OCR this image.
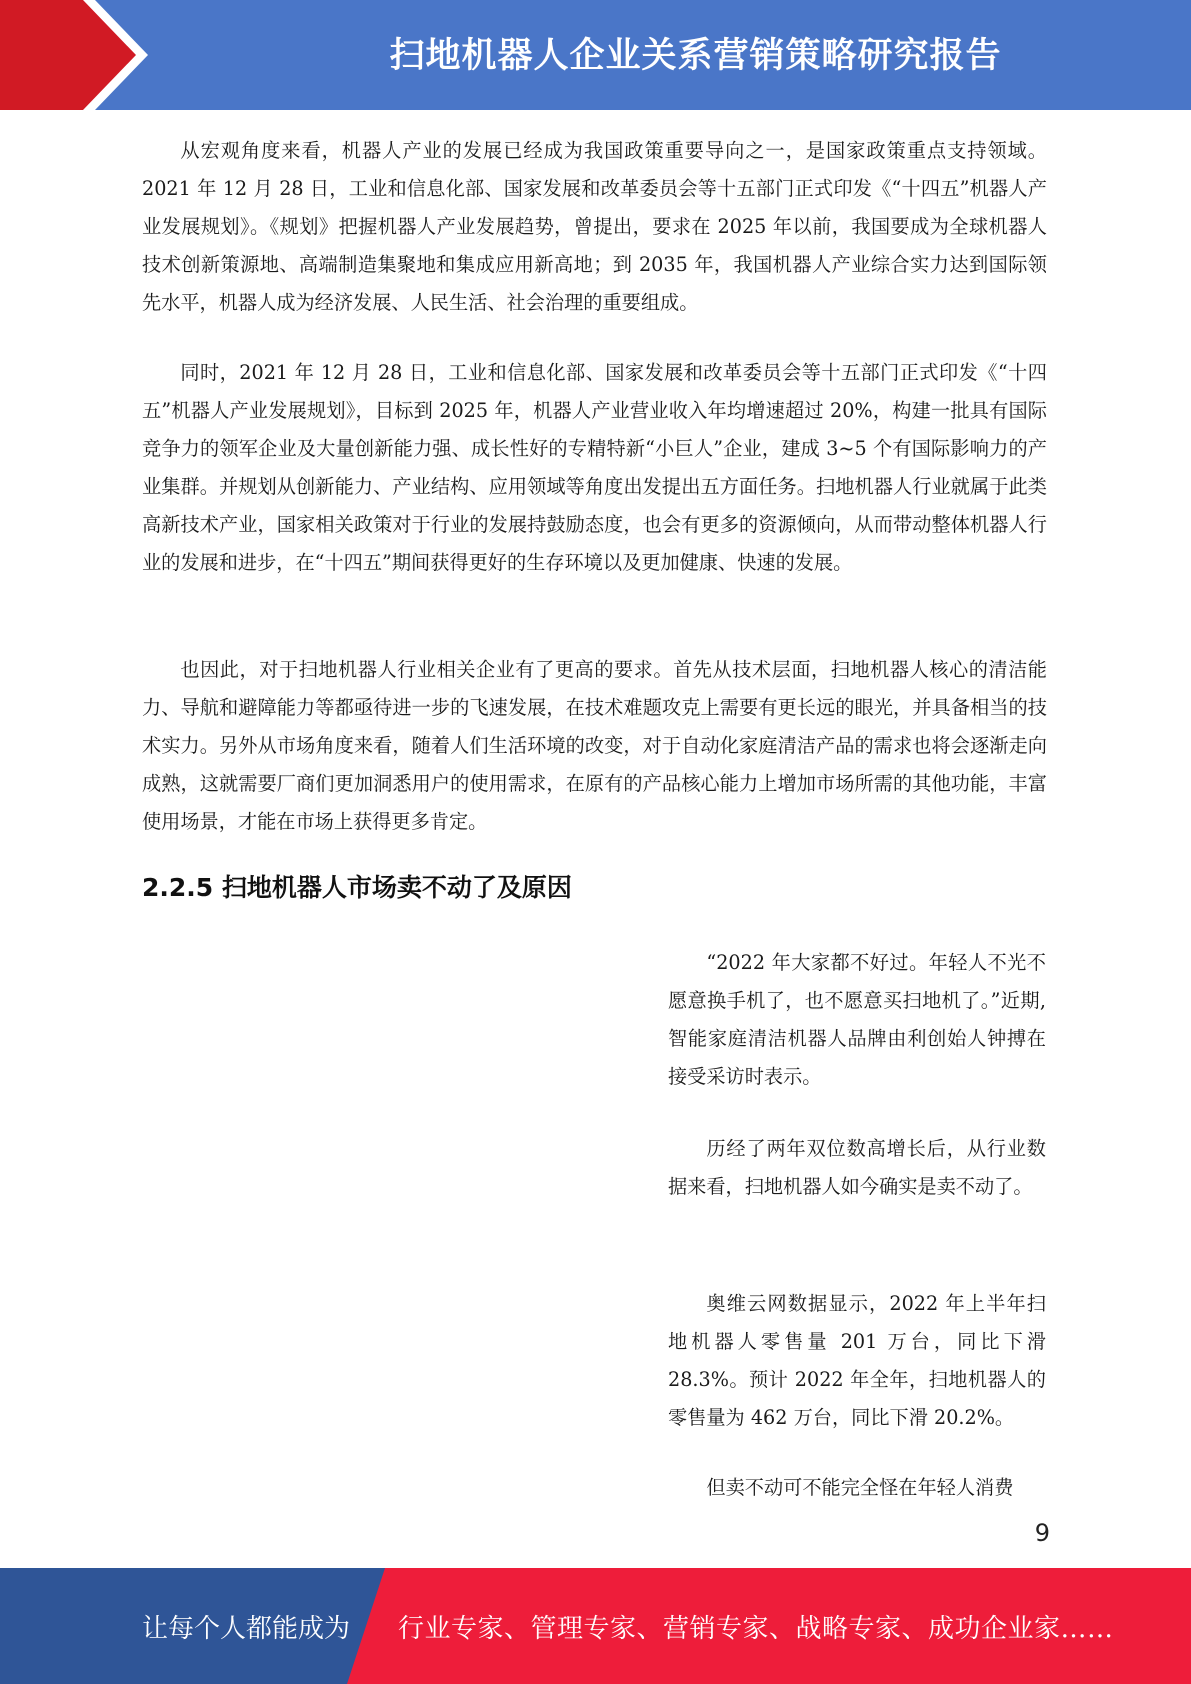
扫地机器人企业关系营销策略研究报告

从宏观角度来看，机器人产业的发展已经成为我国政策重要导向之一，是国家政策重点支持领域。2021 年 12 月 28 日，工业和信息化部、国家发展和改革委员会等十五部门正式印发《“十四五”机器人产业发展规划》。《规划》把握机器人产业发展趋势，曾提出，要求在 2025 年以前，我国要成为全球机器人技术创新策源地、高端制造集聚地和集成应用新高地；到 2035 年，我国机器人产业综合实力达到国际领先水平，机器人成为经济发展、人民生活、社会治理的重要组成。

同时，2021 年 12 月 28 日，工业和信息化部、国家发展和改革委员会等十五部门正式印发《“十四五”机器人产业发展规划》，目标到 2025 年，机器人产业营业收入年均增速超过 20%，构建一批具有国际竞争力的领军企业及大量创新能力强、成长性好的专精特新“小巨人”企业，建成 3~5 个有国际影响力的产业集群。并规划从创新能力、产业结构、应用领域等角度出发提出五方面任务。扫地机器人行业就属于此类高新技术产业，国家相关政策对于行业的发展持鼓励态度，也会有更多的资源倾向，从而带动整体机器人行业的发展和进步，在“十四五”期间获得更好的生存环境以及更加健康、快速的发展。

也因此，对于扫地机器人行业相关企业有了更高的要求。首先从技术层面，扫地机器人核心的清洁能力、导航和避障能力等都亟待进一步的飞速发展，在技术难题攻克上需要有更长远的眼光，并具备相当的技术实力。另外从市场角度来看，随着人们生活环境的改变，对于自动化家庭清洁产品的需求也将会逐渐走向成熟，这就需要厂商们更加洞悉用户的使用需求，在原有的产品核心能力上增加市场所需的其他功能，丰富使用场景，才能在市场上获得更多肯定。

2.2.5 扫地机器人市场卖不动了及原因

“2022 年大家都不好过。年轻人不光不愿意换手机了，也不愿意买扫地机了。”近期,智能家庭清洁机器人品牌由利创始人钟搏在接受采访时表示。

历经了两年双位数高增长后，从行业数据来看，扫地机器人如今确实是卖不动了。

奥维云网数据显示，2022 年上半年扫地机器人零售量 201 万台，同比下滑 28.3%。预计 2022 年全年，扫地机器人的零售量为 462 万台，同比下滑 20.2%。

但卖不动可不能完全怪在年轻人消费

9
让每个人都能成为 行业专家、管理专家、营销专家、战略专家、成功企业家……
